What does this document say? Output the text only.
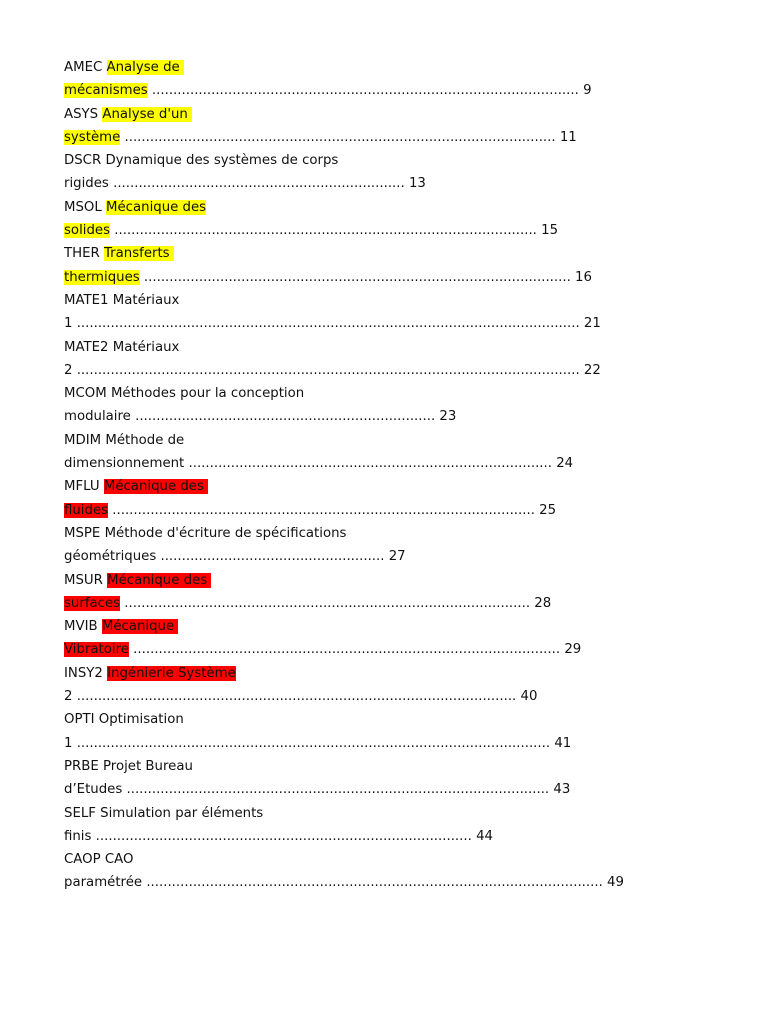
AMEC Analyse de
mécanismes ..................................................................................................... 9
ASYS Analyse d'un
système ...................................................................................................... 11
DSCR Dynamique des systèmes de corps
rigides ..................................................................... 13
MSOL Mécanique des
solides .................................................................................................... 15
THER Transferts
thermiques ..................................................................................................... 16
MATE1 Matériaux
1 ....................................................................................................................... 21
MATE2 Matériaux
2 ....................................................................................................................... 22
MCOM Méthodes pour la conception
modulaire ....................................................................... 23
MDIM Méthode de
dimensionnement ...................................................................................... 24
MFLU Mécanique des
fluides .................................................................................................... 25
MSPE Méthode d'écriture de spécifications
géométriques ..................................................... 27
MSUR Mécanique des
surfaces ................................................................................................ 28
MVIB Mécanique
Vibratoire ..................................................................................................... 29
INSY2 Ingénierie Système
2 ........................................................................................................ 40
OPTI Optimisation
1 ................................................................................................................ 41
PRBE Projet Bureau
d’Etudes .................................................................................................... 43
SELF Simulation par éléments
finis ......................................................................................... 44
CAOP CAO
paramétrée ............................................................................................................ 49
